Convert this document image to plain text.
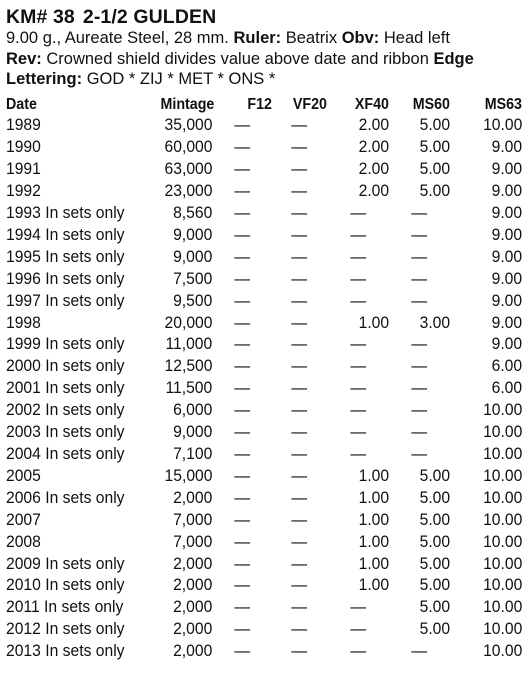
KM# 38 2-1/2 GULDEN
9.00 g., Aureate Steel, 28 mm. Ruler: Beatrix Obv: Head left
Rev: Crowned shield divides value above date and ribbon Edge
Lettering: GOD * ZIJ * MET * ONS *
Date	Mintage	F12	VF20	XF40	MS60	MS63
1989	35,000	—	—	2.00	5.00	10.00
1990	60,000	—	—	2.00	5.00	9.00
1991	63,000	—	—	2.00	5.00	9.00
1992	23,000	—	—	2.00	5.00	9.00
1993 In sets only	8,560	—	—	—	—	9.00
1994 In sets only	9,000	—	—	—	—	9.00
1995 In sets only	9,000	—	—	—	—	9.00
1996 In sets only	7,500	—	—	—	—	9.00
1997 In sets only	9,500	—	—	—	—	9.00
1998	20,000	—	—	1.00	3.00	9.00
1999 In sets only	11,000	—	—	—	—	9.00
2000 In sets only	12,500	—	—	—	—	6.00
2001 In sets only	11,500	—	—	—	—	6.00
2002 In sets only	6,000	—	—	—	—	10.00
2003 In sets only	9,000	—	—	—	—	10.00
2004 In sets only	7,100	—	—	—	—	10.00
2005	15,000	—	—	1.00	5.00	10.00
2006 In sets only	2,000	—	—	1.00	5.00	10.00
2007	7,000	—	—	1.00	5.00	10.00
2008	7,000	—	—	1.00	5.00	10.00
2009 In sets only	2,000	—	—	1.00	5.00	10.00
2010 In sets only	2,000	—	—	1.00	5.00	10.00
2011 In sets only	2,000	—	—	—	5.00	10.00
2012 In sets only	2,000	—	—	—	5.00	10.00
2013 In sets only	2,000	—	—	—	—	10.00
